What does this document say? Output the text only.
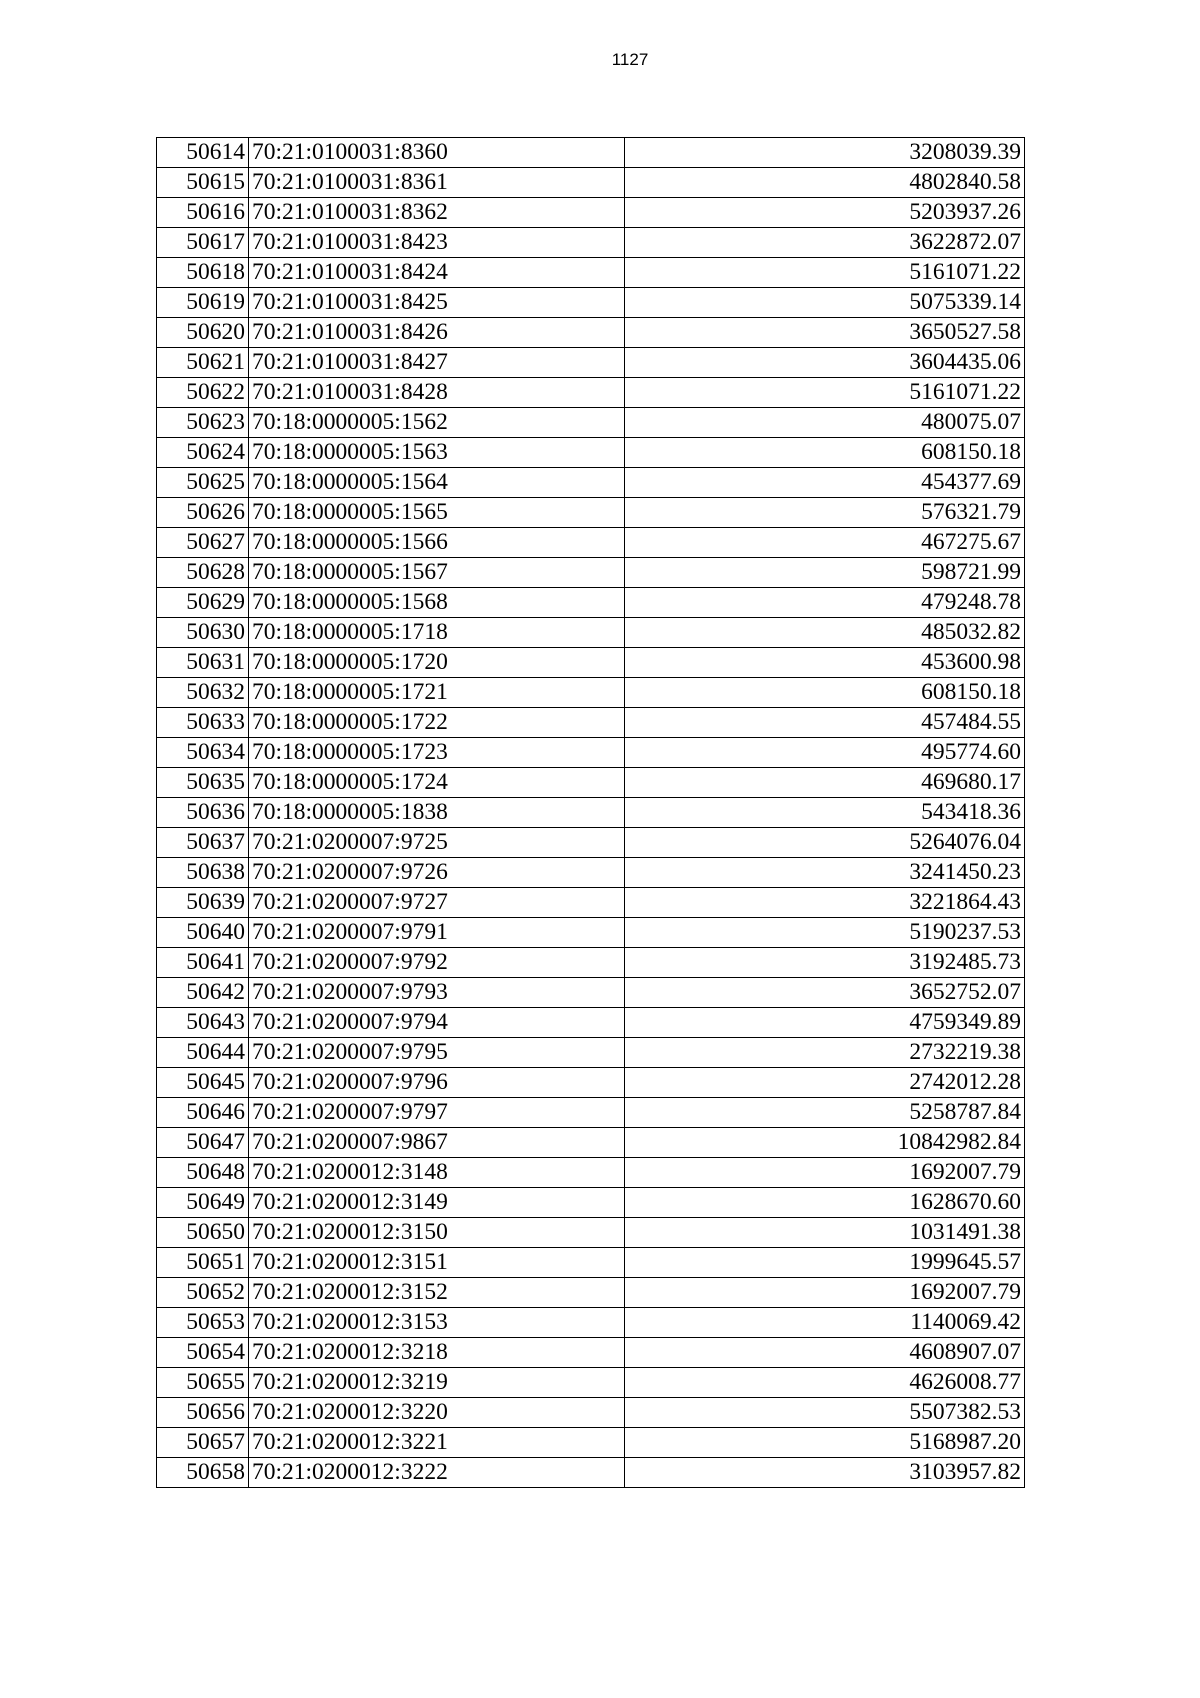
1127
50614	70:21:0100031:8360	3208039.39
50615	70:21:0100031:8361	4802840.58
50616	70:21:0100031:8362	5203937.26
50617	70:21:0100031:8423	3622872.07
50618	70:21:0100031:8424	5161071.22
50619	70:21:0100031:8425	5075339.14
50620	70:21:0100031:8426	3650527.58
50621	70:21:0100031:8427	3604435.06
50622	70:21:0100031:8428	5161071.22
50623	70:18:0000005:1562	480075.07
50624	70:18:0000005:1563	608150.18
50625	70:18:0000005:1564	454377.69
50626	70:18:0000005:1565	576321.79
50627	70:18:0000005:1566	467275.67
50628	70:18:0000005:1567	598721.99
50629	70:18:0000005:1568	479248.78
50630	70:18:0000005:1718	485032.82
50631	70:18:0000005:1720	453600.98
50632	70:18:0000005:1721	608150.18
50633	70:18:0000005:1722	457484.55
50634	70:18:0000005:1723	495774.60
50635	70:18:0000005:1724	469680.17
50636	70:18:0000005:1838	543418.36
50637	70:21:0200007:9725	5264076.04
50638	70:21:0200007:9726	3241450.23
50639	70:21:0200007:9727	3221864.43
50640	70:21:0200007:9791	5190237.53
50641	70:21:0200007:9792	3192485.73
50642	70:21:0200007:9793	3652752.07
50643	70:21:0200007:9794	4759349.89
50644	70:21:0200007:9795	2732219.38
50645	70:21:0200007:9796	2742012.28
50646	70:21:0200007:9797	5258787.84
50647	70:21:0200007:9867	10842982.84
50648	70:21:0200012:3148	1692007.79
50649	70:21:0200012:3149	1628670.60
50650	70:21:0200012:3150	1031491.38
50651	70:21:0200012:3151	1999645.57
50652	70:21:0200012:3152	1692007.79
50653	70:21:0200012:3153	1140069.42
50654	70:21:0200012:3218	4608907.07
50655	70:21:0200012:3219	4626008.77
50656	70:21:0200012:3220	5507382.53
50657	70:21:0200012:3221	5168987.20
50658	70:21:0200012:3222	3103957.82
